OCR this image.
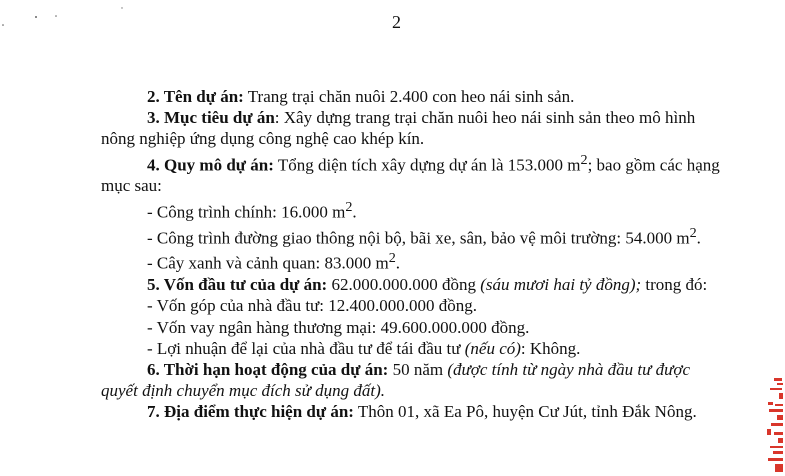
2

2. Tên dự án: Trang trại chăn nuôi 2.400 con heo nái sinh sản.

3. Mục tiêu dự án: Xây dựng trang trại chăn nuôi heo nái sinh sản theo mô hình nông nghiệp ứng dụng công nghệ cao khép kín.

4. Quy mô dự án: Tổng diện tích xây dựng dự án là 153.000 $m^2$; bao gồm các hạng mục sau:

- Công trình chính: 16.000 $m^2$.

- Công trình đường giao thông nội bộ, bãi xe, sân, bảo vệ môi trường: 54.000 $m^2$.

- Cây xanh và cảnh quan: 83.000 $m^2$.

5. Vốn đầu tư của dự án: 62.000.000.000 đồng (sáu mươi hai tỷ đồng); trong đó:

- Vốn góp của nhà đầu tư: 12.400.000.000 đồng.

- Vốn vay ngân hàng thương mại: 49.600.000.000 đồng.

- Lợi nhuận để lại của nhà đầu tư để tái đầu tư (nếu có): Không.

6. Thời hạn hoạt động của dự án: 50 năm (được tính từ ngày nhà đầu tư được quyết định chuyển mục đích sử dụng đất).

7. Địa điểm thực hiện dự án: Thôn 01, xã Ea Pô, huyện Cư Jút, tỉnh Đắk Nông.
